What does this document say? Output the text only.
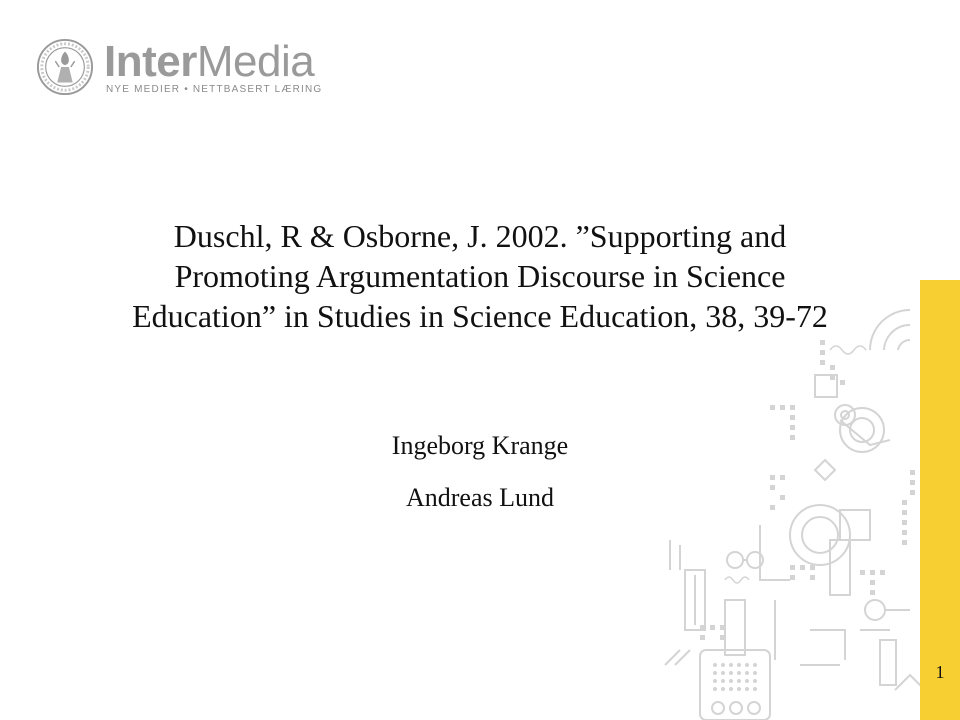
InterMedia
NYE MEDIER • NETTBASERT LÆRING
1
Duschl, R & Osborne, J. 2002. ”Supporting and
Promoting Argumentation Discourse in Science
Education” in Studies in Science Education, 38, 39-72
Ingeborg Krange
Andreas Lund
